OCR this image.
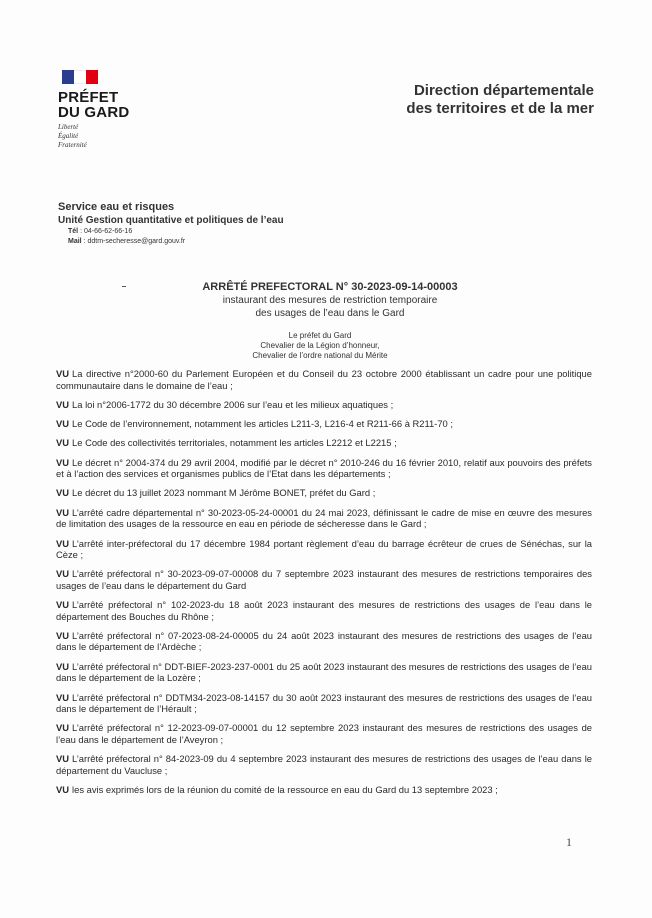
PRÉFET
DU GARD
Liberté
Égalité
Fraternité
Direction départementale
des territoires et de la mer
Service eau et risques
Unité Gestion quantitative et politiques de l’eau
Tél : 04-66-62-66-16
Mail : ddtm-secheresse@gard.gouv.fr
ARRÊTÉ PREFECTORAL N° 30-2023-09-14-00003
instaurant des mesures de restriction temporaire
des usages de l’eau dans le Gard
Le préfet du Gard
Chevalier de la Légion d’honneur,
Chevalier de l’ordre national du Mérite

VU La directive n°2000-60 du Parlement Européen et du Conseil du 23 octobre 2000 établissant un cadre pour une politique communautaire dans le domaine de l’eau ;

VU La loi n°2006-1772 du 30 décembre 2006 sur l’eau et les milieux aquatiques ;

VU Le Code de l’environnement, notamment les articles L211-3, L216-4 et R211-66 à R211-70 ;

VU Le Code des collectivités territoriales, notamment les articles L2212 et L2215 ;

VU Le décret n° 2004-374 du 29 avril 2004, modifié par le décret n° 2010-246 du 16 février 2010, relatif aux pouvoirs des préfets et à l’action des services et organismes publics de l’Etat dans les départements ;

VU Le décret du 13 juillet 2023 nommant M Jérôme BONET, préfet du Gard ;

VU L’arrêté cadre départemental n° 30-2023-05-24-00001 du 24 mai 2023, définissant le cadre de mise en œuvre des mesures de limitation des usages de la ressource en eau en période de sécheresse dans le Gard ;

VU L’arrêté inter-préfectoral du 17 décembre 1984 portant règlement d’eau du barrage écrêteur de crues de Sénéchas, sur la Cèze ;

VU L’arrêté préfectoral n° 30-2023-09-07-00008 du 7 septembre 2023 instaurant des mesures de restrictions temporaires des usages de l’eau dans le département du Gard

VU L’arrêté préfectoral n° 102-2023-du 18 août 2023 instaurant des mesures de restrictions des usages de l’eau dans le département des Bouches du Rhône ;

VU L’arrêté préfectoral n° 07-2023-08-24-00005 du 24 août 2023 instaurant des mesures de restrictions des usages de l’eau dans le département de l’Ardèche ;

VU L’arrêté préfectoral n° DDT-BIEF-2023-237-0001 du 25 août 2023 instaurant des mesures de restrictions des usages de l’eau dans le département de la Lozère ;

VU L’arrêté préfectoral n° DDTM34-2023-08-14157 du 30 août 2023 instaurant des mesures de restrictions des usages de l’eau dans le département de l’Hérault ;

VU L’arrêté préfectoral n° 12-2023-09-07-00001 du 12 septembre 2023 instaurant des mesures de restrictions des usages de l’eau dans le département de l’Aveyron ;

VU L’arrêté préfectoral n° 84-2023-09 du 4 septembre 2023 instaurant des mesures de restrictions des usages de l’eau dans le département du Vaucluse ;

VU les avis exprimés lors de la réunion du comité de la ressource en eau du Gard du 13 septembre 2023 ;

1
